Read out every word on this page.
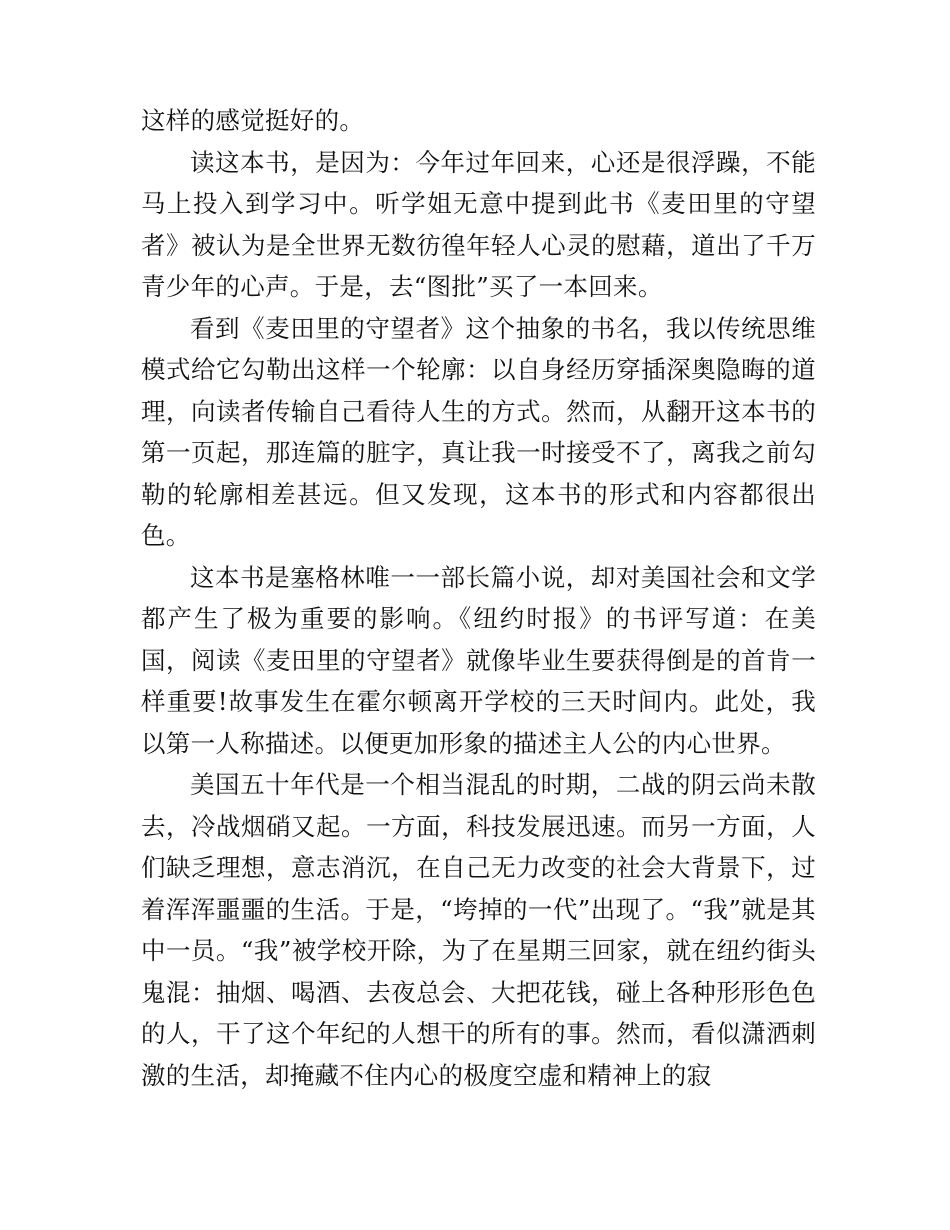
这样的感觉挺好的。

读这本书，是因为：今年过年回来，心还是很浮躁，不能马上投入到学习中。听学姐无意中提到此书《麦田里的守望者》被认为是全世界无数彷徨年轻人心灵的慰藉，道出了千万青少年的心声。于是，去“图批”买了一本回来。

看到《麦田里的守望者》这个抽象的书名，我以传统思维模式给它勾勒出这样一个轮廓：以自身经历穿插深奥隐晦的道理，向读者传输自己看待人生的方式。然而，从翻开这本书的第一页起，那连篇的脏字，真让我一时接受不了，离我之前勾勒的轮廓相差甚远。但又发现，这本书的形式和内容都很出色。

这本书是塞格林唯一一部长篇小说，却对美国社会和文学都产生了极为重要的影响。《纽约时报》的书评写道：在美国，阅读《麦田里的守望者》就像毕业生要获得倒是的首肯一样重要!故事发生在霍尔顿离开学校的三天时间内。此处，我以第一人称描述。以便更加形象的描述主人公的内心世界。

美国五十年代是一个相当混乱的时期，二战的阴云尚未散去，冷战烟硝又起。一方面，科技发展迅速。而另一方面，人们缺乏理想，意志消沉，在自己无力改变的社会大背景下，过着浑浑噩噩的生活。于是，“垮掉的一代”出现了。“我”就是其中一员。“我”被学校开除，为了在星期三回家，就在纽约街头鬼混：抽烟、喝酒、去夜总会、大把花钱，碰上各种形形色色的人，干了这个年纪的人想干的所有的事。然而，看似潇洒刺激的生活，却掩藏不住内心的极度空虚和精神上的寂
